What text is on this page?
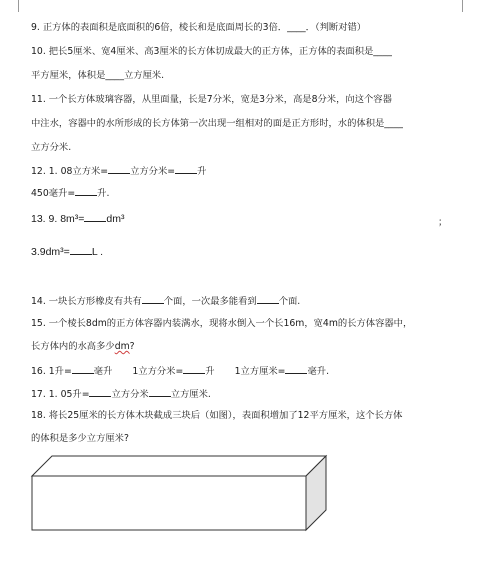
9. 正方体的表面积是底面积的6倍，棱长和是底面周长的3倍．____．（判断对错）
10. 把长5厘米、宽4厘米、高3厘米的长方体切成最大的正方体，正方体的表面积是____
平方厘米，体积是____立方厘米.
11. 一个长方体玻璃容器，从里面量，长是7分米，宽是3分米，高是8分米，向这个容器
中注水，容器中的水所形成的长方体第一次出现一组相对的面是正方形时，水的体积是____
立方分米.
12. 1. 08立方米= 立方分米= 升
450毫升= 升.
13. 9. 8m³= dm³	；
3.9dm³= L .
14. 一块长方形橡皮有共有 个面，一次最多能看到 个面.
15. 一个棱长8dm的正方体容器内装满水，现将水倒入一个长16m，宽4m的长方体容器中，
长方体内的水高多少dm?
16. 1升= 毫升 1立方分米= 升 1立方厘米= 毫升.
17. 1. 05升= 立方分米 立方厘米.
18. 将长25厘米的长方体木块截成三块后（如图），表面积增加了12平方厘米，这个长方体
的体积是多少立方厘米?
